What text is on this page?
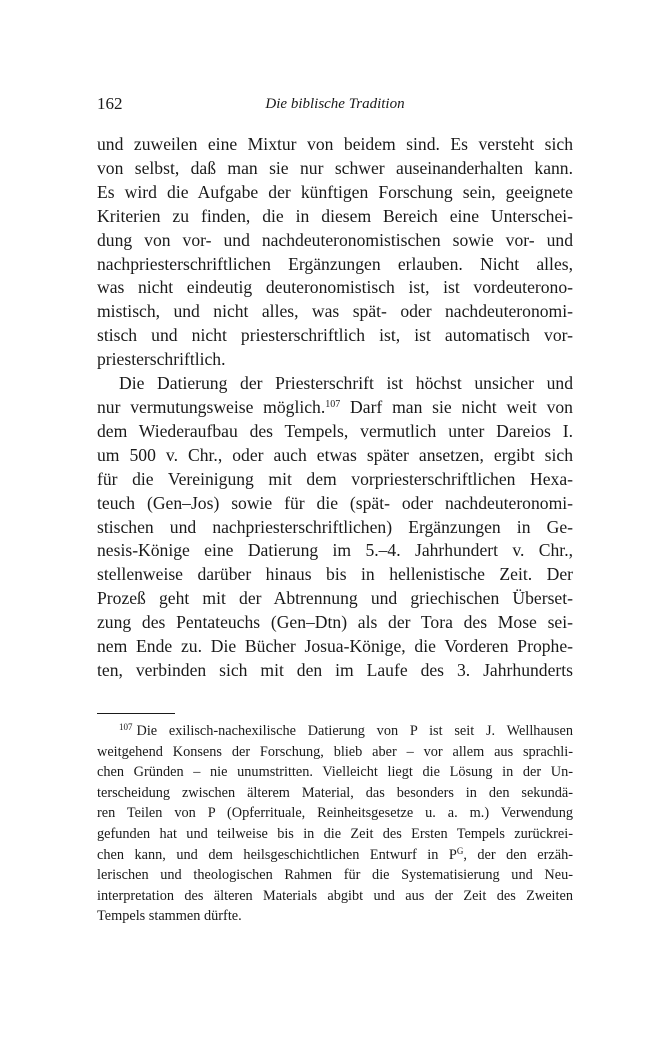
162	Die biblische Tradition
und zuweilen eine Mixtur von beidem sind. Es versteht sich
von selbst, daß man sie nur schwer auseinanderhalten kann.
Es wird die Aufgabe der künftigen Forschung sein, geeignete
Kriterien zu finden, die in diesem Bereich eine Unterschei-
dung von vor- und nachdeuteronomistischen sowie vor- und
nachpriesterschriftlichen Ergänzungen erlauben. Nicht alles,
was nicht eindeutig deuteronomistisch ist, ist vordeuterono-
mistisch, und nicht alles, was spät- oder nachdeuteronomi-
stisch und nicht priesterschriftlich ist, ist automatisch vor-
priesterschriftlich.
Die Datierung der Priesterschrift ist höchst unsicher und
nur vermutungsweise möglich.$^{107}$ Darf man sie nicht weit von
dem Wiederaufbau des Tempels, vermutlich unter Dareios I.
um 500 v. Chr., oder auch etwas später ansetzen, ergibt sich
für die Vereinigung mit dem vorpriesterschriftlichen Hexa-
teuch (Gen–Jos) sowie für die (spät- oder nachdeuteronomi-
stischen und nachpriesterschriftlichen) Ergänzungen in Ge-
nesis-Könige eine Datierung im 5.–4. Jahrhundert v. Chr.,
stellenweise darüber hinaus bis in hellenistische Zeit. Der
Prozeß geht mit der Abtrennung und griechischen Überset-
zung des Pentateuchs (Gen–Dtn) als der Tora des Mose sei-
nem Ende zu. Die Bücher Josua-Könige, die Vorderen Prophe-
ten, verbinden sich mit den im Laufe des 3. Jahrhunderts
$^{107}$ Die exilisch-nachexilische Datierung von P ist seit J. Wellhausen
weitgehend Konsens der Forschung, blieb aber – vor allem aus sprachli-
chen Gründen – nie unumstritten. Vielleicht liegt die Lösung in der Un-
terscheidung zwischen älterem Material, das besonders in den sekundä-
ren Teilen von P (Opferrituale, Reinheitsgesetze u. a. m.) Verwendung
gefunden hat und teilweise bis in die Zeit des Ersten Tempels zurückrei-
chen kann, und dem heilsgeschichtlichen Entwurf in $P^G$, der den erzäh-
lerischen und theologischen Rahmen für die Systematisierung und Neu-
interpretation des älteren Materials abgibt und aus der Zeit des Zweiten
Tempels stammen dürfte.
